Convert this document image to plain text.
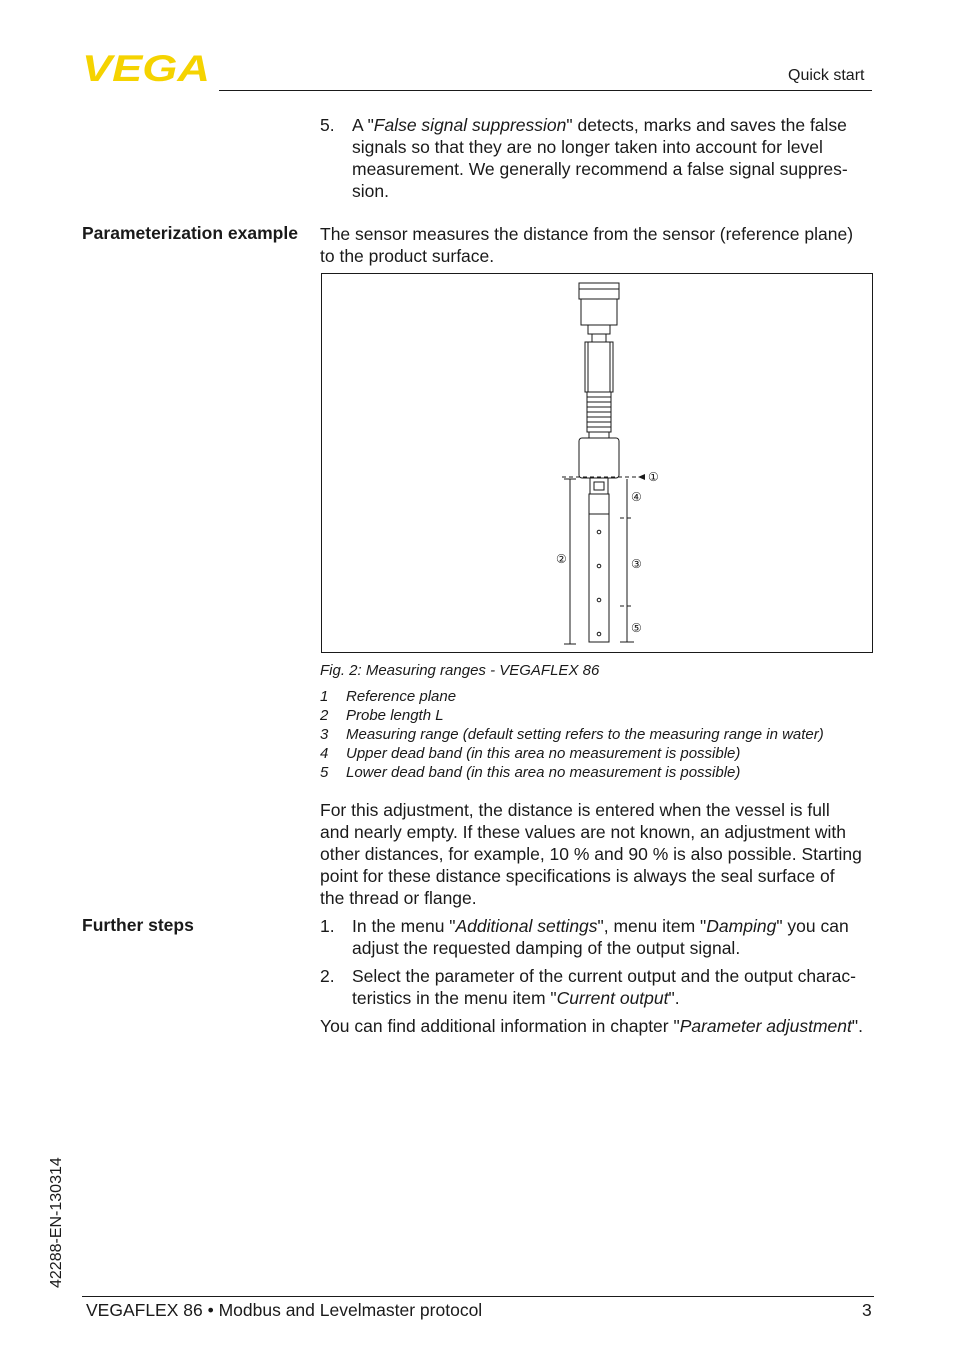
VEGA	Quick start
5. A "False signal suppression" detects, marks and saves the false
signals so that they are no longer taken into account for level
measurement. We generally recommend a false signal suppres-
sion.
Parameterization example The sensor measures the distance from the sensor (reference plane)
to the product surface.
①
②	③
④
⑤
Fig. 2: Measuring ranges - VEGAFLEX 86
1 Reference plane
2 Probe length L
3 Measuring range (default setting refers to the measuring range in water)
4 Upper dead band (in this area no measurement is possible)
5 Lower dead band (in this area no measurement is possible)
For this adjustment, the distance is entered when the vessel is full
and nearly empty. If these values are not known, an adjustment with
other distances, for example, 10 % and 90 % is also possible. Starting
point for these distance specifications is always the seal surface of
the thread or flange.
Further steps	1. In the menu "Additional settings", menu item "Damping" you can
adjust the requested damping of the output signal.
2. Select the parameter of the current output and the output charac-
teristics in the menu item "Current output".
You can find additional information in chapter "Parameter adjustment".
42288-EN-130314
VEGAFLEX 86 • Modbus and Levelmaster protocol	3
